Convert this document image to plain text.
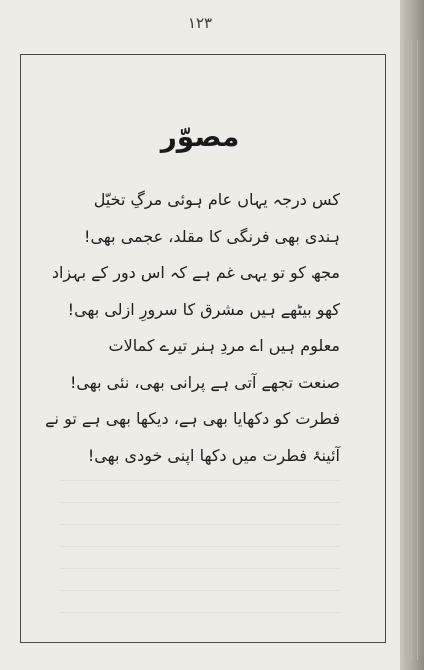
۱۲۳
مصوّر
کس درجہ یہاں عام ہوئی مرگِ تخیّل
ہندی بھی فرنگی کا مقلد، عجمی بھی!
مجھ کو تو یہی غم ہے کہ اس دور کے بہزاد
کھو بیٹھے ہیں مشرق کا سرورِ ازلی بھی!
معلوم ہیں اے مردِ ہنر تیرے کمالات
صنعت تجھے آتی ہے پرانی بھی، نئی بھی!
فطرت کو دکھایا بھی ہے، دیکھا بھی ہے تو نے
آئینۂ فطرت میں دکھا اپنی خودی بھی!
